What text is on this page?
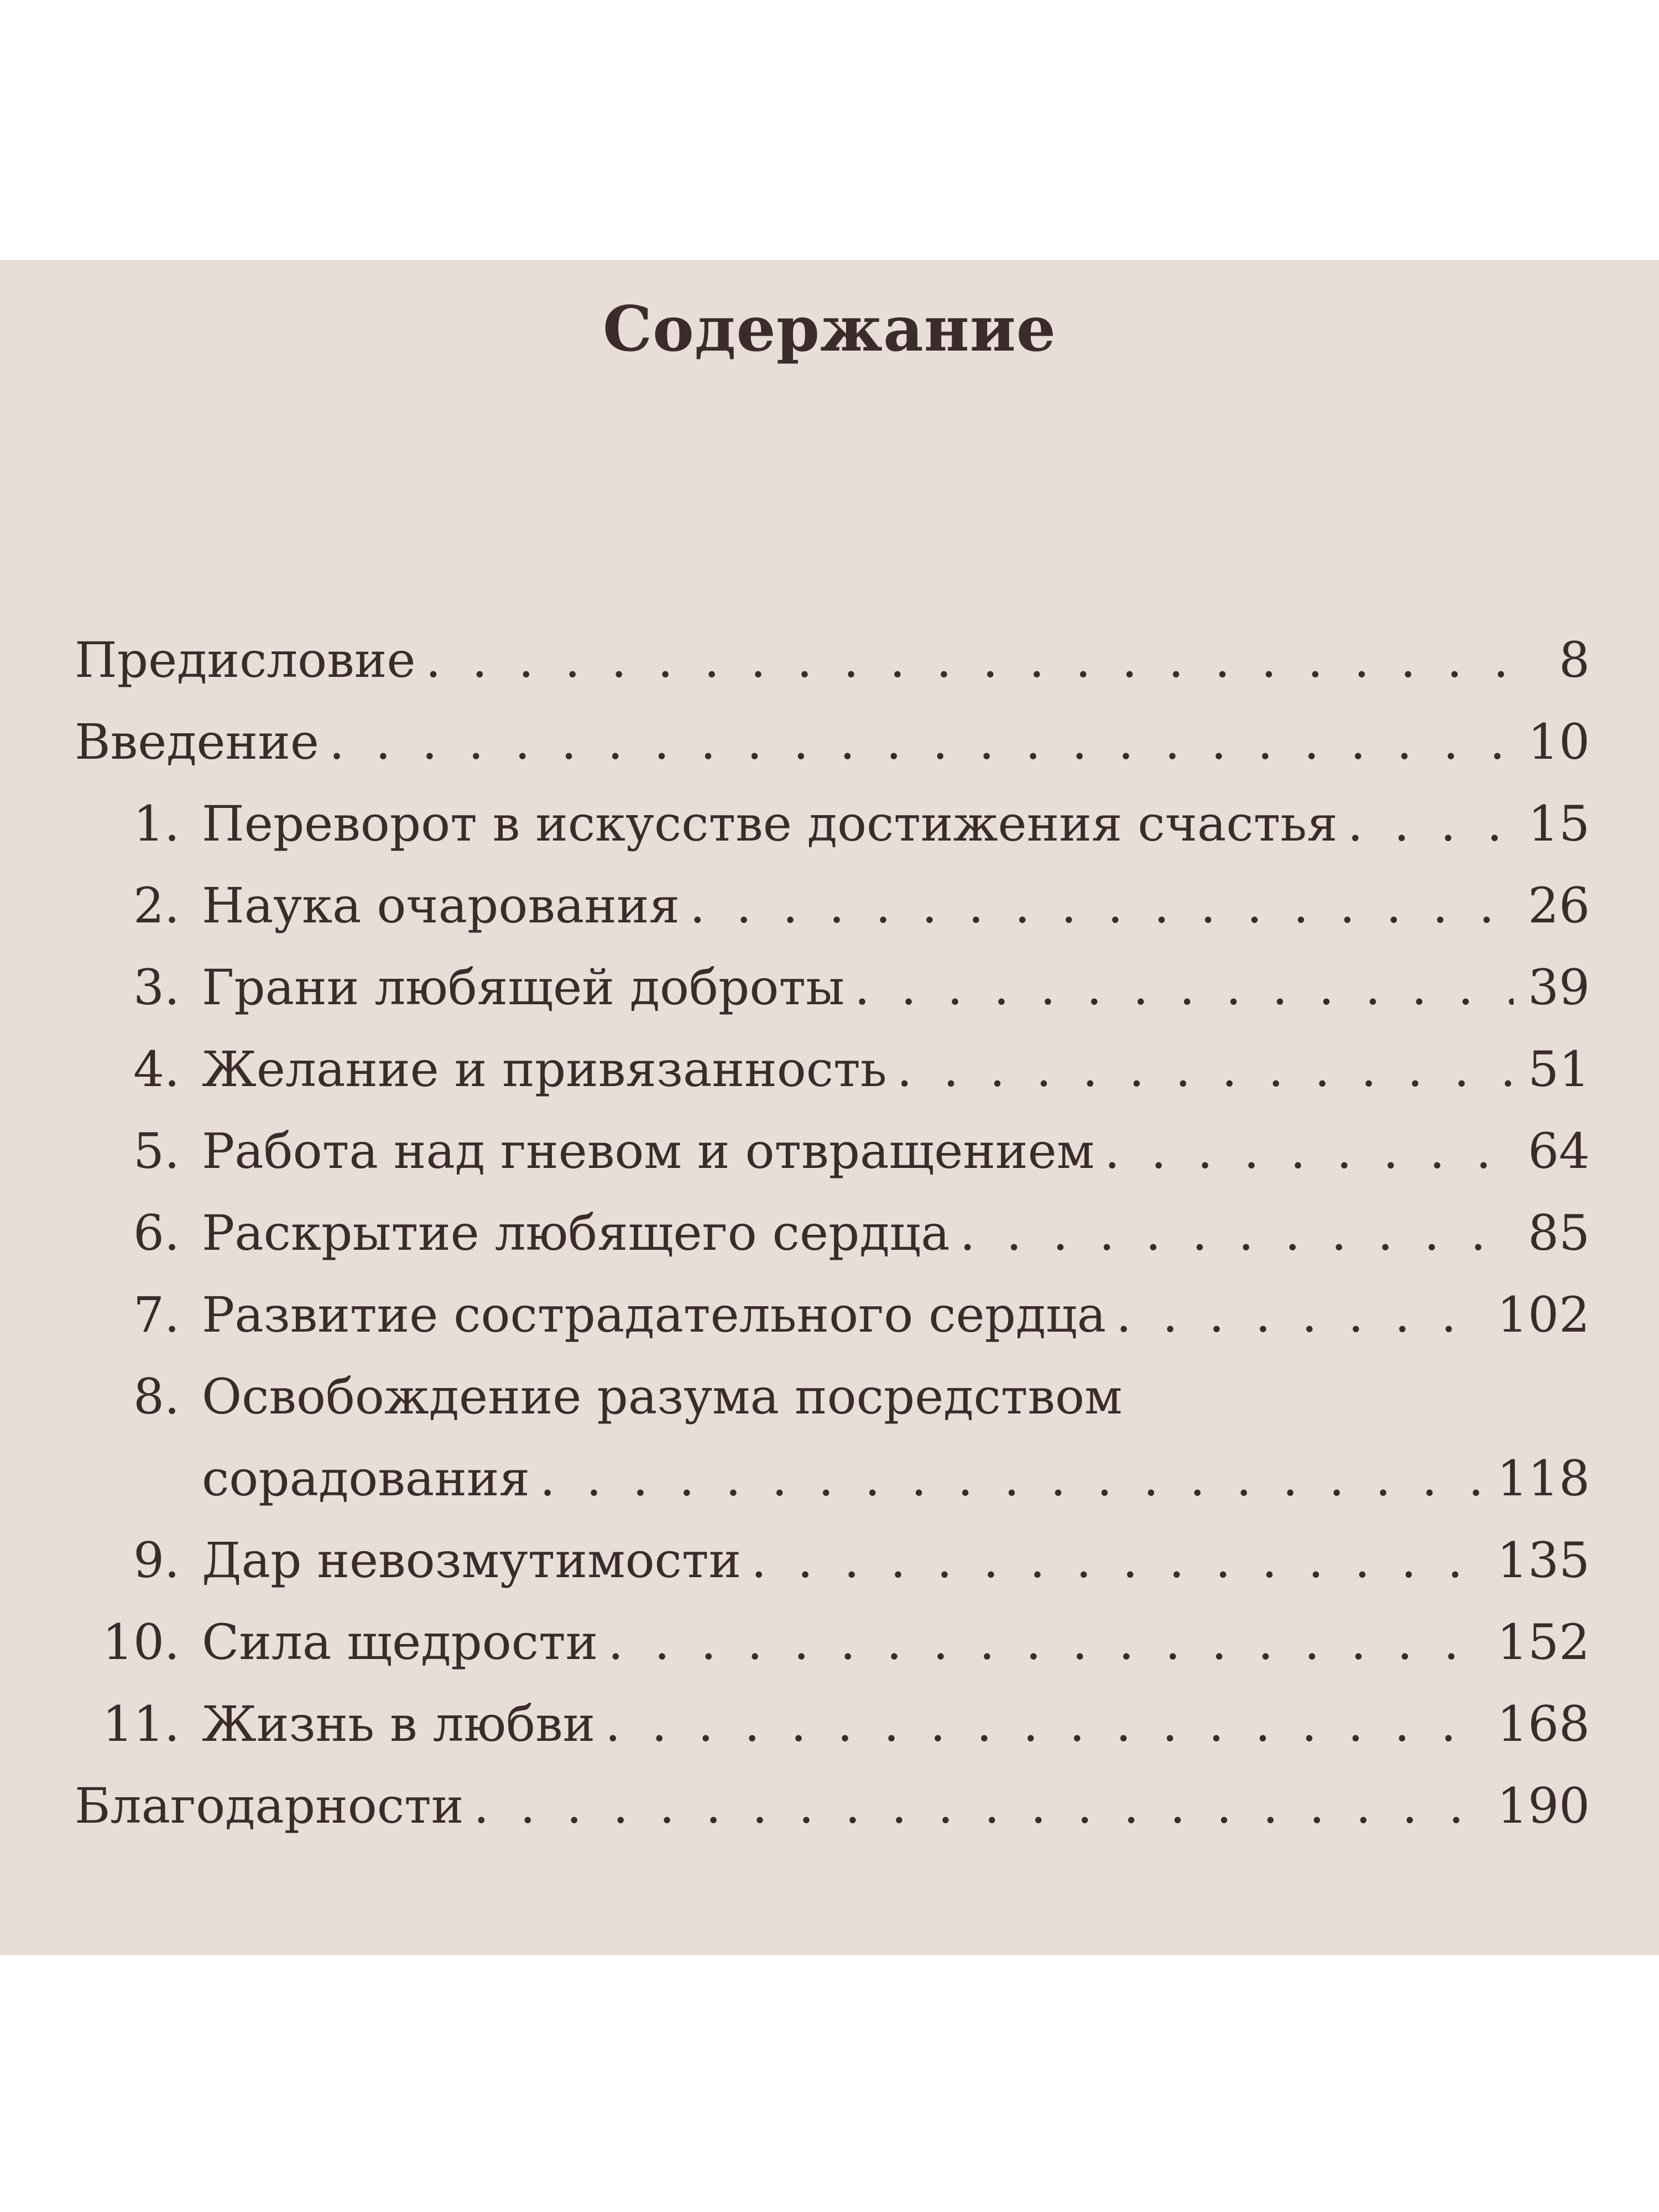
Содержание
Предисловие . . .	8
Введение . . .	10
1. Переворот в искусстве достижения счастья . . .	15
2. Наука очарования . . .	26
3. Грани любящей доброты . . .	39
4. Желание и привязанность . . .	51
5. Работа над гневом и отвращением . . .	64
6. Раскрытие любящего сердца . . .	85
7. Развитие сострадательного сердца . . .	102
8. Освобождение разума посредством
сорадования . . .	118
9. Дар невозмутимости . . .	135
10. Сила щедрости . . .	152
11. Жизнь в любви . . .	168
Благодарности . . .	190
